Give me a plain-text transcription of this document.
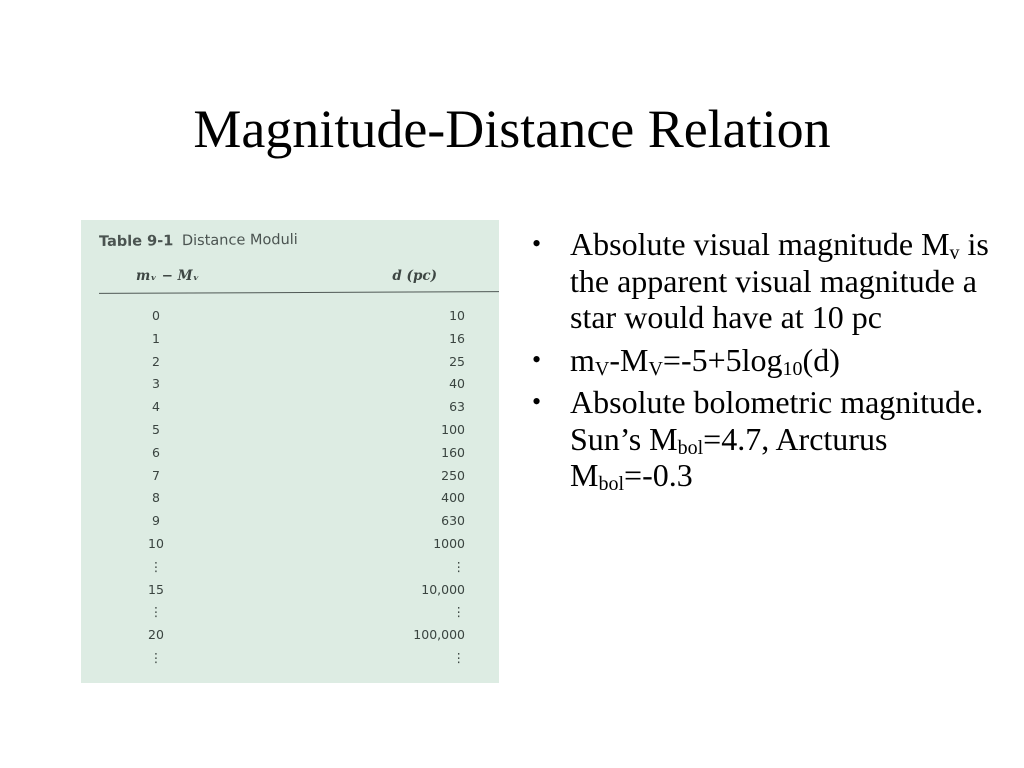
Magnitude-Distance Relation
Table 9-1 Distance Moduli
mᵥ − Mᵥ	d (pc)
0	10
1	16
2	25
3	40
4	63
5	100
6	160
7	250
8	400
9	630
10	1000
⋮	⋮
15	10,000
⋮	⋮
20	100,000
⋮	⋮
• Absolute visual magnitude $M_v$ is the apparent visual magnitude a star would have at 10 pc
• $m_V-M_V=-5+5\log_{10}(d)$
• Absolute bolometric magnitude. Sun’s $M_{bol}=4.7$, Arcturus $M_{bol}=-0.3$
